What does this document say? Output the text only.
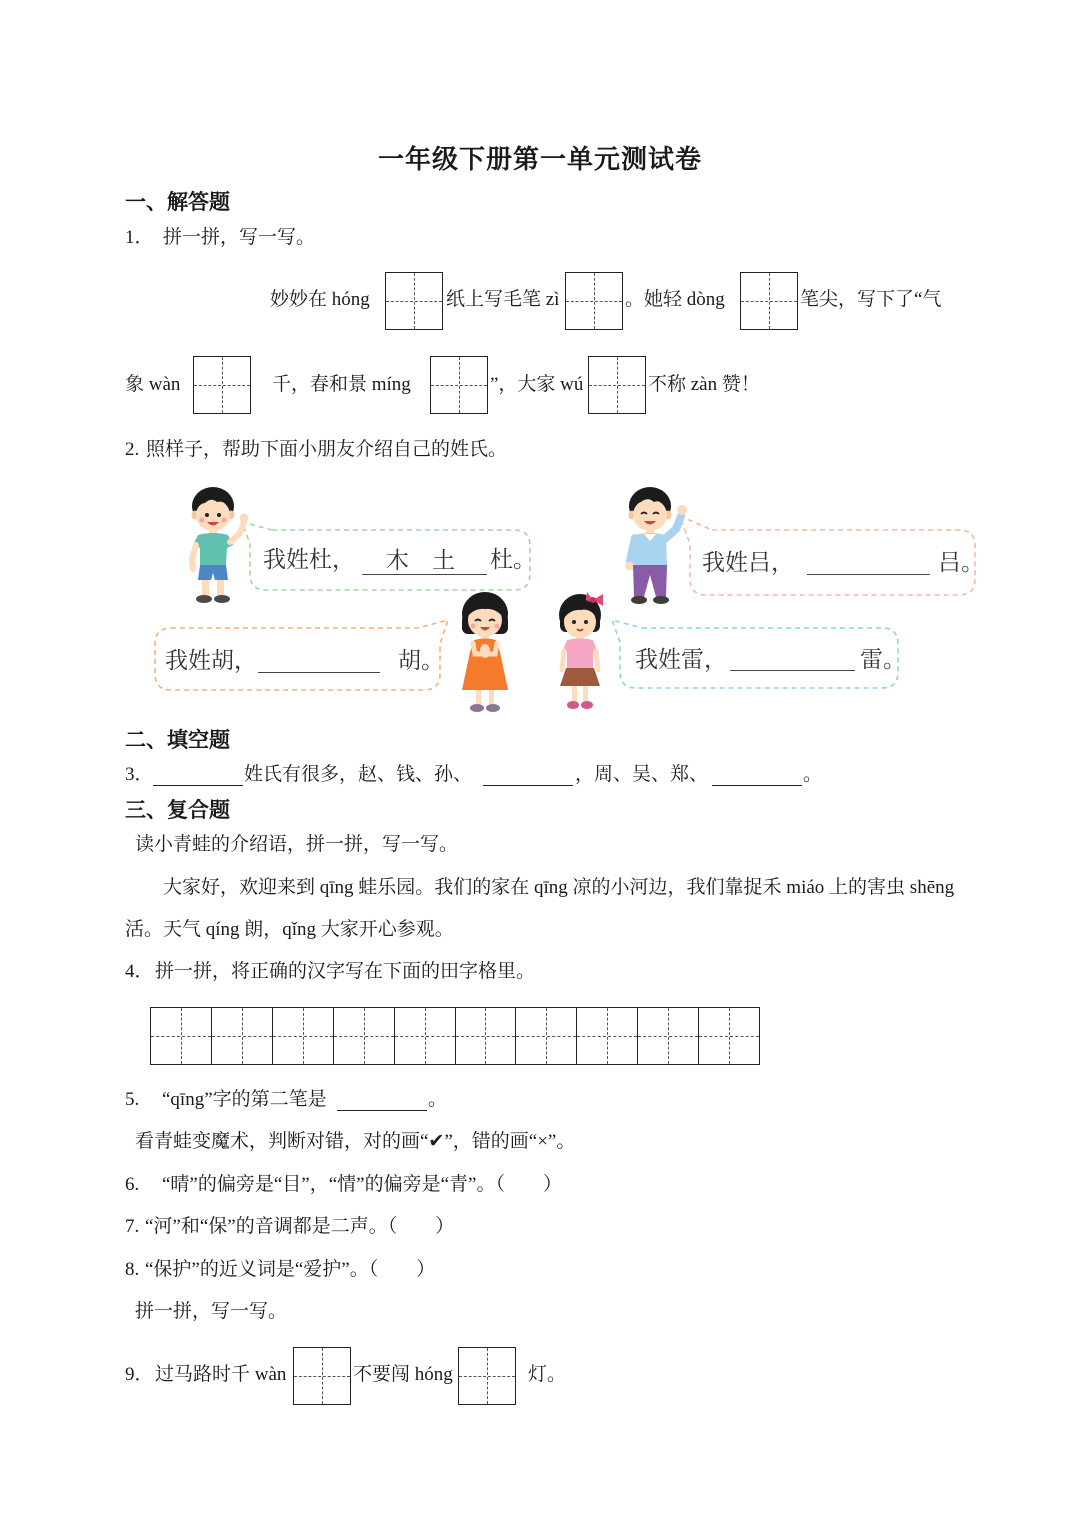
一年级下册第一单元测试卷
一、解答题
1． 拼一拼，写一写。
妙妙在 hóng	纸上写毛笔 zì	。她轻 dòng	笔尖，写下了“气
象 wàn	千，春和景 míng	”，大家 wú	不称 zàn 赞！
2. 照样子，帮助下面小朋友介绍自己的姓氏。
我姓杜，	木 土	杜。	我姓吕，	吕。
我姓胡，	胡。	我姓雷，	雷。
二、填空题
3．	姓氏有很多，赵、钱、孙、	，周、吴、郑、	。
三、复合题
读小青蛙的介绍语，拼一拼，写一写。
大家好，欢迎来到 qīng 蛙乐园。我们的家在 qīng 凉的小河边，我们靠捉禾 miáo 上的害虫 shēng
活。天气 qíng 朗，qǐng 大家开心参观。
4． 拼一拼，将正确的汉字写在下面的田字格里。
5. “qīng”字的第二笔是	。
看青蛙变魔术，判断对错，对的画“✔”，错的画“×”。
6. “晴”的偏旁是“目”，“情”的偏旁是“青”。（　　）
7. “河”和“保”的音调都是二声。（　　）
8. “保护”的近义词是“爱护”。（　　）
拼一拼，写一写。
9． 过马路时千 wàn	不要闯 hóng	灯。
